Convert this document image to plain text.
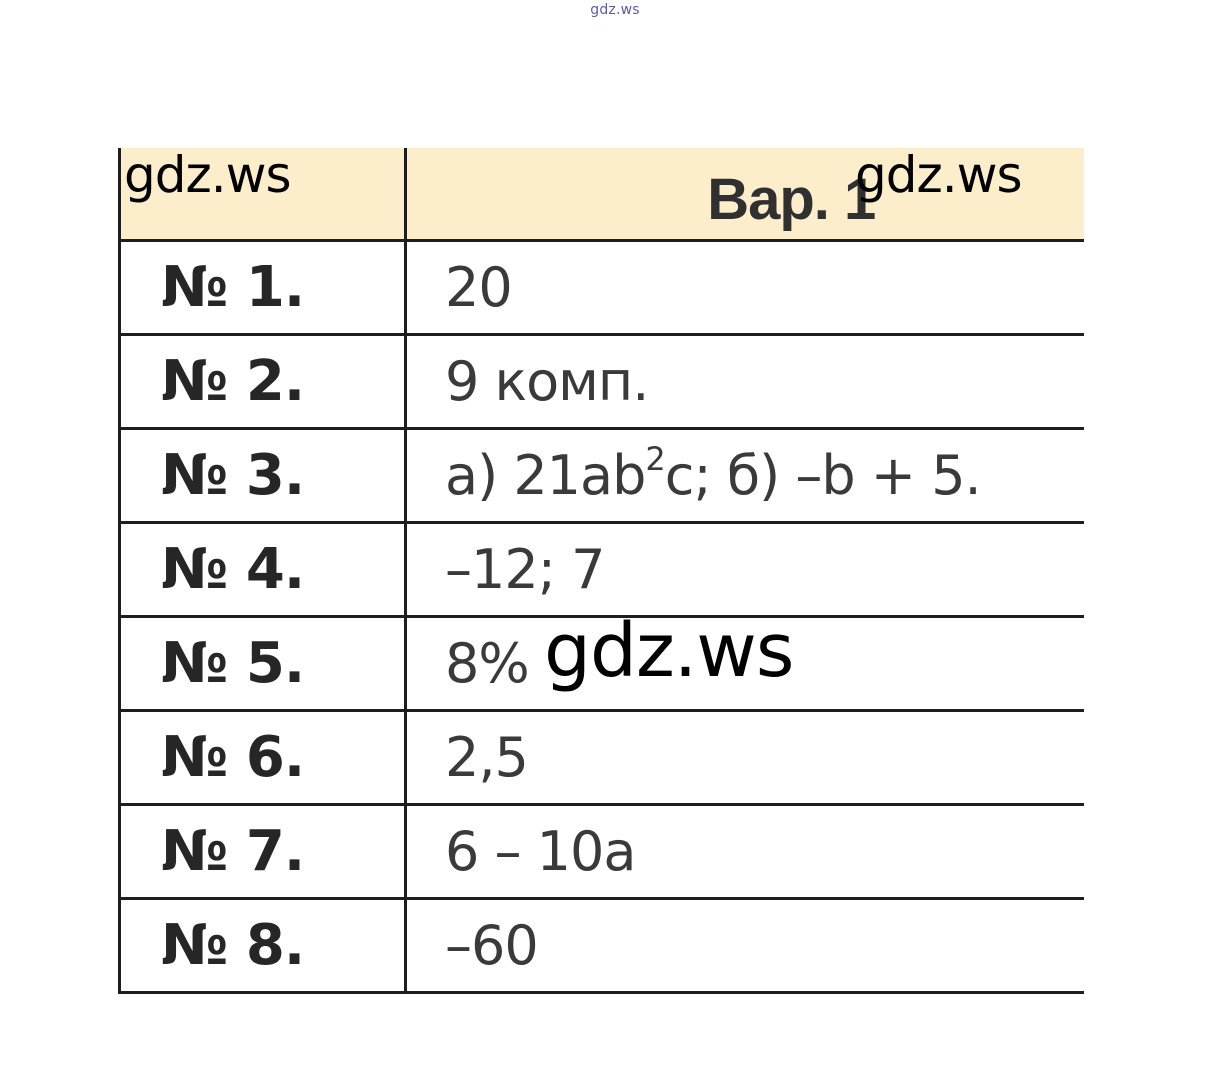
gdz.ws

	Вар. 1

№ 1.	20
№ 2.	9 комп.
№ 3.	а) $21ab^2c$; б) –b + 5.
№ 4.	–12; 7
№ 5.	8%
№ 6.	2,5
№ 7.	6 – 10a
№ 8.	–60
gdz.ws	gdz.ws
gdz.ws
